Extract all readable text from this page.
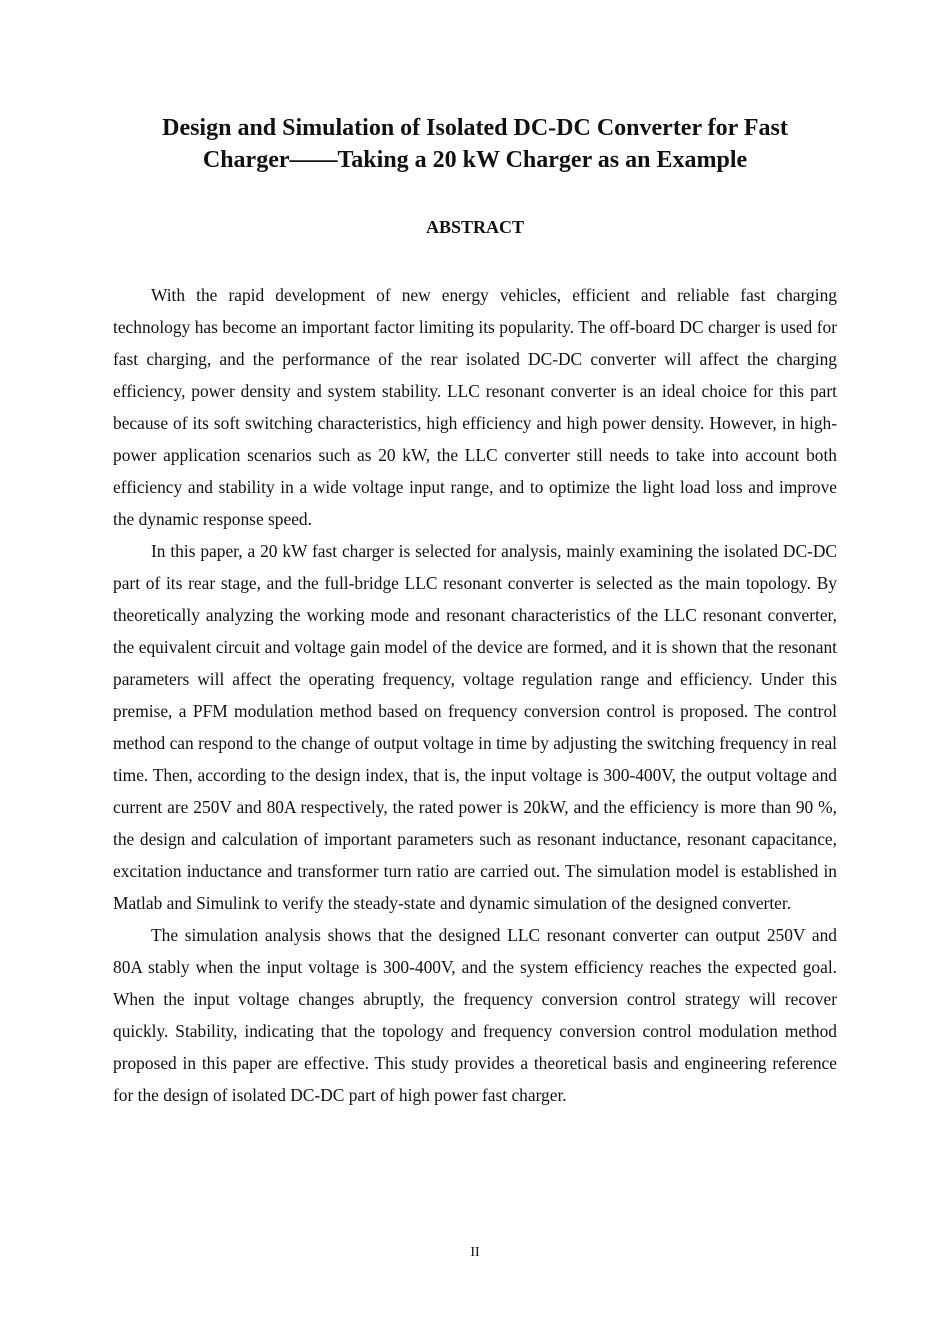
Design and Simulation of Isolated DC-DC Converter for Fast
Charger——Taking a 20 kW Charger as an Example
ABSTRACT

With the rapid development of new energy vehicles, efficient and reliable fast charging technology has become an important factor limiting its popularity. The off-board DC charger is used for fast charging, and the performance of the rear isolated DC-DC converter will affect the charging efficiency, power density and system stability. LLC resonant converter is an ideal choice for this part because of its soft switching characteristics, high efficiency and high power density. However, in high-power application scenarios such as 20 kW, the LLC converter still needs to take into account both efficiency and stability in a wide voltage input range, and to optimize the light load loss and improve the dynamic response speed.

In this paper, a 20 kW fast charger is selected for analysis, mainly examining the isolated DC-DC part of its rear stage, and the full-bridge LLC resonant converter is selected as the main topology. By theoretically analyzing the working mode and resonant characteristics of the LLC resonant converter, the equivalent circuit and voltage gain model of the device are formed, and it is shown that the resonant parameters will affect the operating frequency, voltage regulation range and efficiency. Under this premise, a PFM modulation method based on frequency conversion control is proposed. The control method can respond to the change of output voltage in time by adjusting the switching frequency in real time. Then, according to the design index, that is, the input voltage is 300-400V, the output voltage and current are 250V and 80A respectively, the rated power is 20kW, and the efficiency is more than 90 %, the design and calculation of important parameters such as resonant inductance, resonant capacitance, excitation inductance and transformer turn ratio are carried out. The simulation model is established in Matlab and Simulink to verify the steady-state and dynamic simulation of the designed converter.

The simulation analysis shows that the designed LLC resonant converter can output 250V and 80A stably when the input voltage is 300-400V, and the system efficiency reaches the expected goal. When the input voltage changes abruptly, the frequency conversion control strategy will recover quickly. Stability, indicating that the topology and frequency conversion control modulation method proposed in this paper are effective. This study provides a theoretical basis and engineering reference for the design of isolated DC-DC part of high power fast charger.

II
